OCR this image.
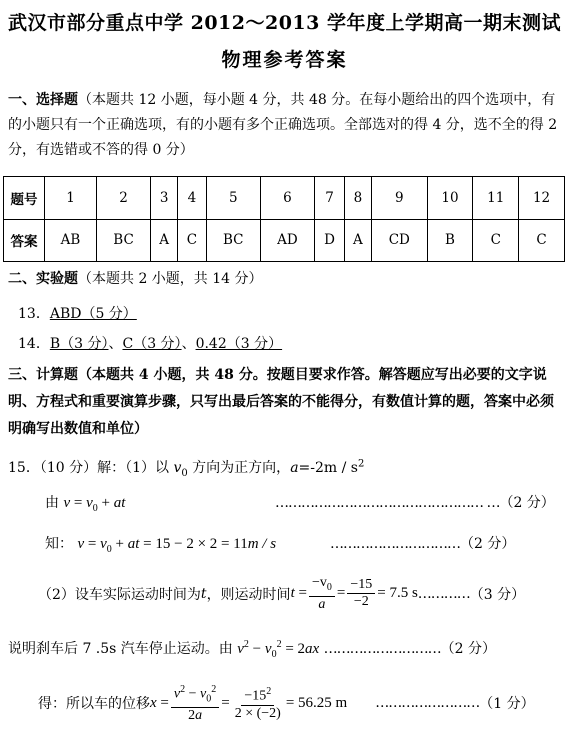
武汉市部分重点中学 2012～2013 学年度上学期高一期末测试
物理参考答案
一、选择题（本题共 12 小题，每小题 4 分，共 48 分。在每小题给出的四个选项中，有的小题只有一个正确选项，有的小题有多个正确选项。全部选对的得 4 分，选不全的得 2 分，有选错或不答的得 0 分）
题号	1	2	3	4	5	6	7	8	9	10	11	12
答案	AB	BC	A	C	BC	AD	D	A	CD	B	C	C
二、实验题（本题共 2 小题，共 14 分）
13．ABD（5 分）
14．B（3 分）、C（3 分）、0.42（3 分）
三、计算题（本题共 4 小题，共 48 分。按题目要求作答。解答题应写出必要的文字说明、方程式和重要演算步骤，只写出最后答案的不能得分，有数值计算的题，答案中必须明确写出数值和单位）
15．（10 分）解：（1）以 $v_0$ 方向为正方向，$a=-2m / s^2$
由 $v = v_0$ + at	………………………………………… …（2 分）
知： $v = v_0$ + at = 15 − 2 × 2 = 11m / s	…………………………（2 分）
（2）设车实际运动时间为 t ，则运动时间 $t = \frac{-v_0}{a} = \frac{-15}{-2} = 7.5$ s ………… （3 分）
说明刹车后 7 .5s 汽车停止运动。由 $v^2 - v_0^2 = 2ax$ ………………………（2 分）
得：所以车的位移 $x = \frac{v^2 - v_0^2}{2a} = \frac{-15^2}{2 \times (-2)} = 56.25$ m …………………… （1 分）
